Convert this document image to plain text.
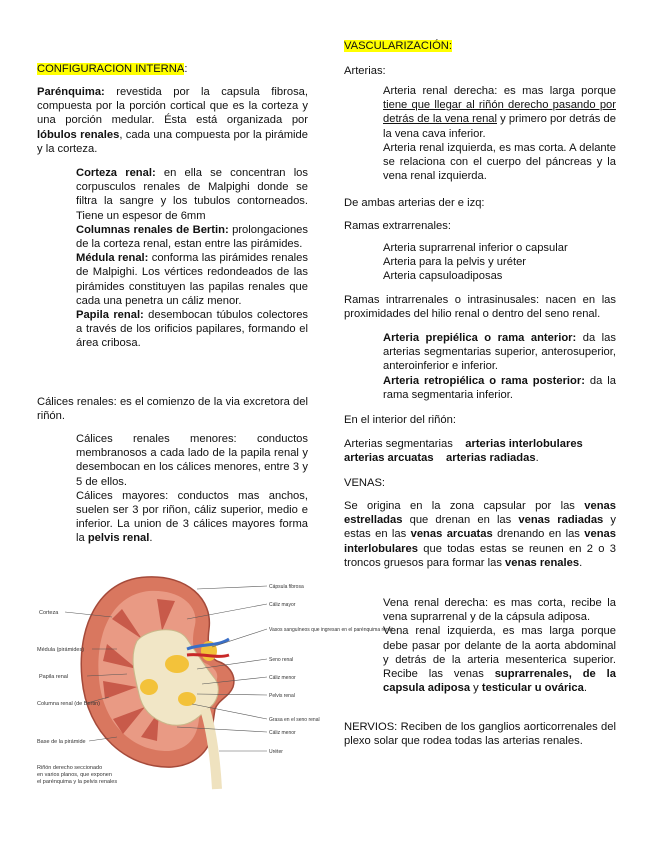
CONFIGURACION INTERNA:

Parénquima: revestida por la capsula fibrosa, compuesta por la porción cortical que es la corteza y una porción medular. Ésta está organizada por lóbulos renales, cada una compuesta por la pirámide y la corteza.

Corteza renal: en ella se concentran los corpusculos renales de Malpighi donde se filtra la sangre y los tubulos contorneados. Tiene un espesor de 6mm

Columnas renales de Bertin: prolongaciones de la corteza renal, estan entre las pirámides.

Médula renal: conforma las pirámides renales de Malpighi. Los vértices redondeados de las pirámides constituyen las papilas renales que cada una penetra un cáliz menor.

Papila renal: desembocan túbulos colectores a través de los orificios papilares, formando el área cribosa.

Cálices renales: es el comienzo de la via excretora del riñón.

Cálices renales menores: conductos membranosos a cada lado de la papila renal y desembocan en los cálices menores, entre 3 y 5 de ellos.

Cálices mayores: conductos mas anchos, suelen ser 3 por riñon, cáliz superior, medio e inferior. La union de 3 cálices mayores forma la pelvis renal.

Corteza
Médula (pirámides)
Papila renal
Columna renal (de Bertin)
Base de la pirámide
Cápsula fibrosa
Cáliz mayor
Vasos sanguíneos que ingresan en el parénquima renal
Seno renal
Cáliz menor
Pelvis renal
Grasa en el seno renal
Cáliz menor
Uréter
Riñón derecho seccionado
en varios planos, que exponen
el parénquima y la pelvis renales

VASCULARIZACIÓN:

Arterias:

Arteria renal derecha: es mas larga porque tiene que llegar al riñón derecho pasando por detrás de la vena renal y primero por detrás de la vena cava inferior.

Arteria renal izquierda, es mas corta. A delante se relaciona con el cuerpo del páncreas y la vena renal izquierda.

De ambas arterias der e izq:

Ramas extrarrenales:

Arteria suprarrenal inferior o capsular

Arteria para la pelvis y uréter

Arteria capsuloadiposas

Ramas intrarrenales o intrasinusales: nacen en las proximidades del hilio renal o dentro del seno renal.

Arteria prepiélica o rama anterior: da las arterias segmentarias superior, anterosuperior, anteroinferior e inferior.

Arteria retropiélica o rama posterior: da la rama segmentaria inferior.

En el interior del riñón:

Arterias segmentarias arterias interlobulares
arterias arcuatas arterias radiadas.

VENAS:

Se origina en la zona capsular por las venas estrelladas que drenan en las venas radiadas y estas en las venas arcuatas drenando en las venas interlobulares que todas estas se reunen en 2 o 3 troncos gruesos para formar las venas renales.

Vena renal derecha: es mas corta, recibe la vena suprarrenal y de la cápsula adiposa.

Vena renal izquierda, es mas larga porque debe pasar por delante de la aorta abdominal y detrás de la arteria mesenterica superior. Recibe las venas suprarrenales, de la capsula adiposa y testicular u ovárica.

NERVIOS: Reciben de los ganglios aorticorrenales del plexo solar que rodea todas las arterias renales.
